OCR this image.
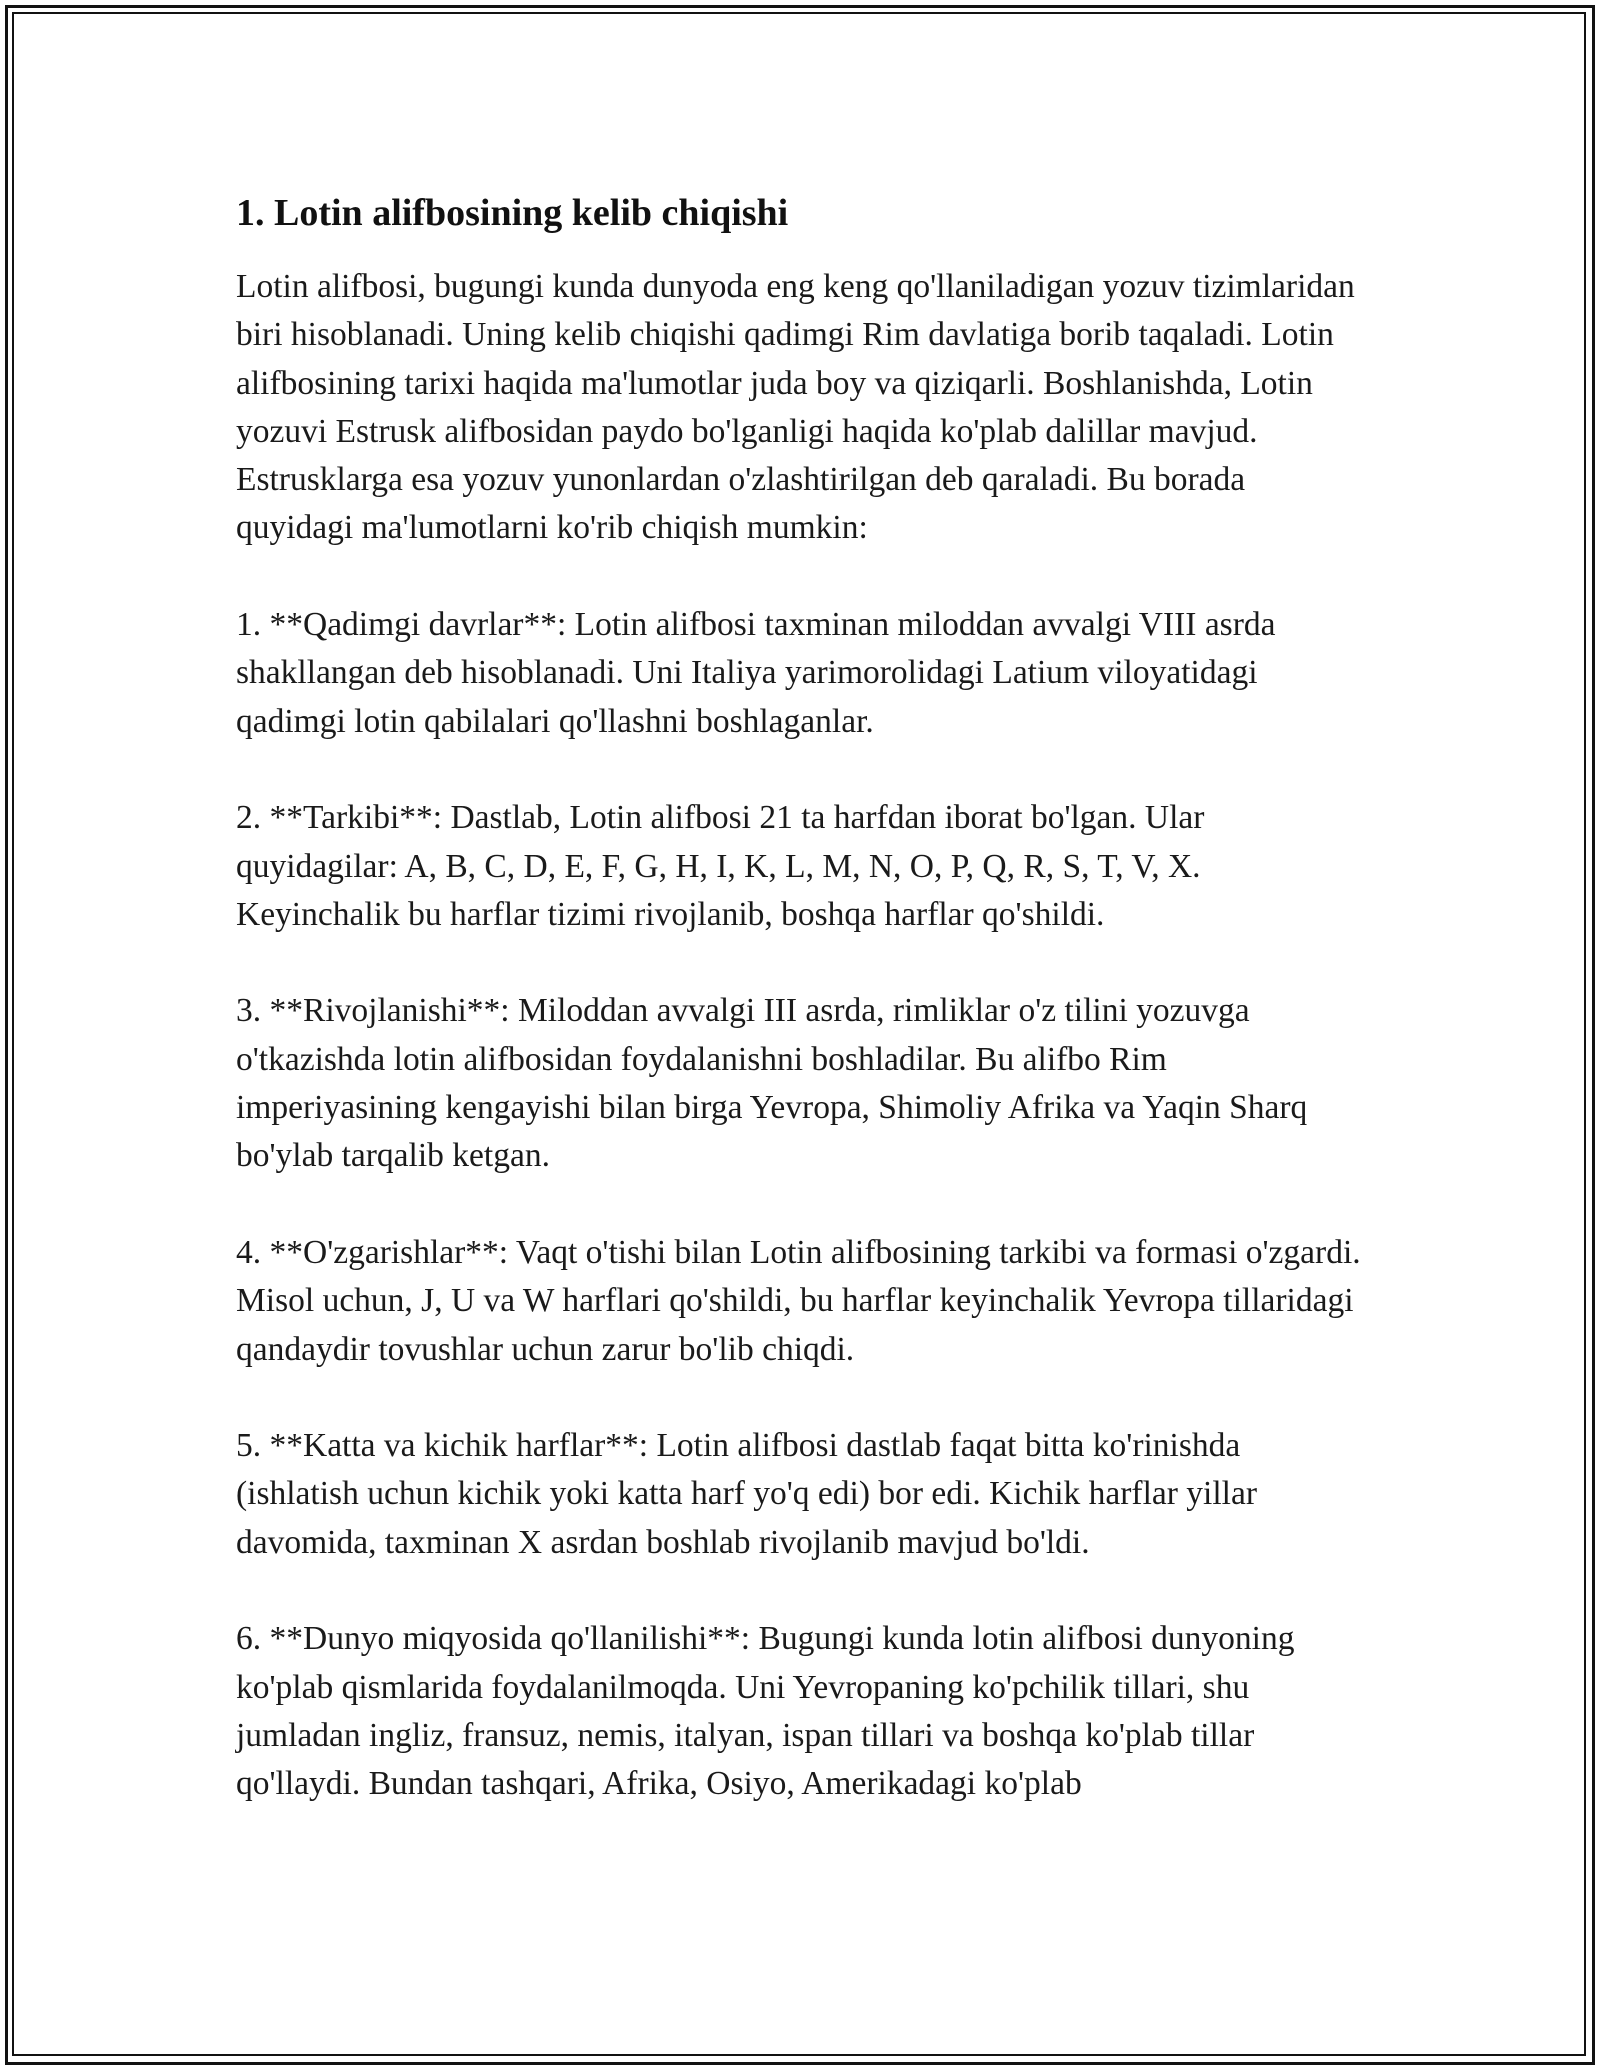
1. Lotin alifbosining kelib chiqishi

Lotin alifbosi, bugungi kunda dunyoda eng keng qo'llaniladigan yozuv tizimlaridan biri hisoblanadi. Uning kelib chiqishi qadimgi Rim davlatiga borib taqaladi. Lotin alifbosining tarixi haqida ma'lumotlar juda boy va qiziqarli. Boshlanishda, Lotin yozuvi Estrusk alifbosidan paydo bo'lganligi haqida ko'plab dalillar mavjud. Estrusklarga esa yozuv yunonlardan o'zlashtirilgan deb qaraladi. Bu borada quyidagi ma'lumotlarni ko'rib chiqish mumkin:

1. **Qadimgi davrlar**: Lotin alifbosi taxminan miloddan avvalgi VIII asrda shakllangan deb hisoblanadi. Uni Italiya yarimorolidagi Latium viloyatidagi qadimgi lotin qabilalari qo'llashni boshlaganlar.

2. **Tarkibi**: Dastlab, Lotin alifbosi 21 ta harfdan iborat bo'lgan. Ular quyidagilar: A, B, C, D, E, F, G, H, I, K, L, M, N, O, P, Q, R, S, T, V, X. Keyinchalik bu harflar tizimi rivojlanib, boshqa harflar qo'shildi.

3. **Rivojlanishi**: Miloddan avvalgi III asrda, rimliklar o'z tilini yozuvga o'tkazishda lotin alifbosidan foydalanishni boshladilar. Bu alifbo Rim imperiyasining kengayishi bilan birga Yevropa, Shimoliy Afrika va Yaqin Sharq bo'ylab tarqalib ketgan.

4. **O'zgarishlar**: Vaqt o'tishi bilan Lotin alifbosining tarkibi va formasi o'zgardi. Misol uchun, J, U va W harflari qo'shildi, bu harflar keyinchalik Yevropa tillaridagi qandaydir tovushlar uchun zarur bo'lib chiqdi.

5. **Katta va kichik harflar**: Lotin alifbosi dastlab faqat bitta ko'rinishda (ishlatish uchun kichik yoki katta harf yo'q edi) bor edi. Kichik harflar yillar davomida, taxminan X asrdan boshlab rivojlanib mavjud bo'ldi.

6. **Dunyo miqyosida qo'llanilishi**: Bugungi kunda lotin alifbosi dunyoning ko'plab qismlarida foydalanilmoqda. Uni Yevropaning ko'pchilik tillari, shu jumladan ingliz, fransuz, nemis, italyan, ispan tillari va boshqa ko'plab tillar qo'llaydi. Bundan tashqari, Afrika, Osiyo, Amerikadagi ko'plab
